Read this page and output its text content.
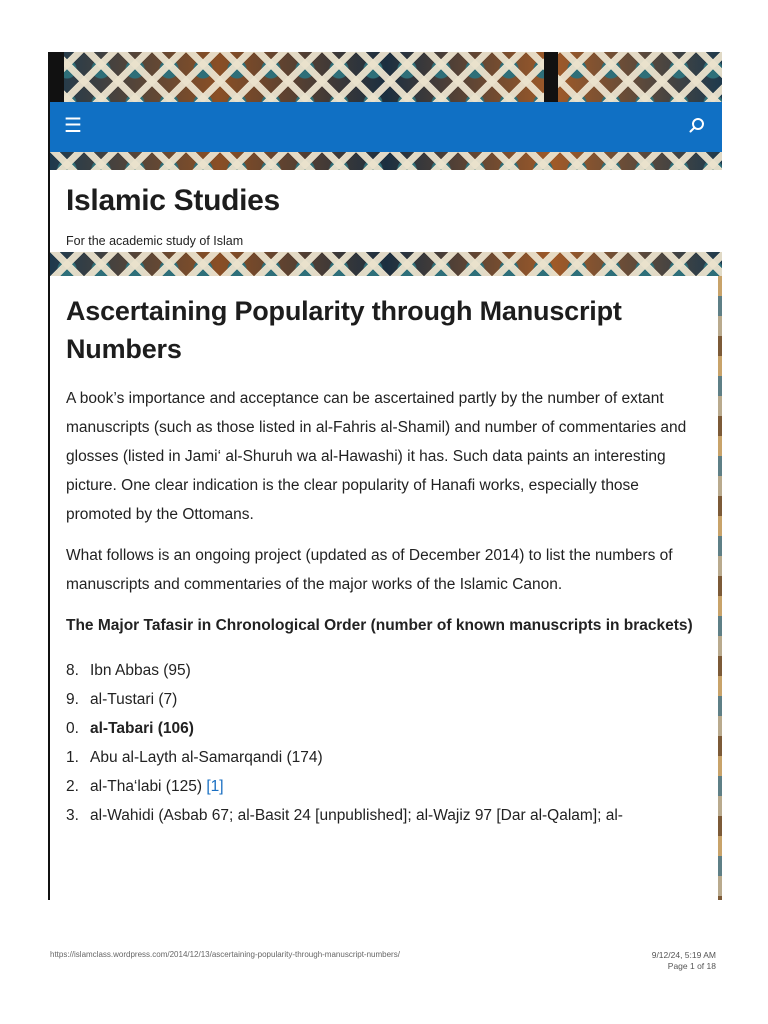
☰
Islamic Studies
For the academic study of Islam
Ascertaining Popularity through Manuscript Numbers

A book’s importance and acceptance can be ascertained partly by the number of extant manuscripts (such as those listed in al-Fahris al-Shamil) and number of commentaries and glosses (listed in Jami‘ al-Shuruh wa al-Hawashi) it has. Such data paints an interesting picture. One clear indication is the clear popularity of Hanafi works, especially those promoted by the Ottomans.

What follows is an ongoing project (updated as of December 2014) to list the numbers of manuscripts and commentaries of the major works of the Islamic Canon.

The Major Tafasir in Chronological Order (number of known manuscripts in brackets)

8. Ibn Abbas (95)
9. al-Tustari (7)
0. al-Tabari (106)
1. Abu al-Layth al-Samarqandi (174)
2. al-Tha‘labi (125) [1]
3. al-Wahidi (Asbab 67; al-Basit 24 [unpublished]; al-Wajiz 97 [Dar al-Qalam]; al-
https://islamclass.wordpress.com/2014/12/13/ascertaining-popularity-through-manuscript-numbers/	9/12/24, 5:19 AM
Page 1 of 18
